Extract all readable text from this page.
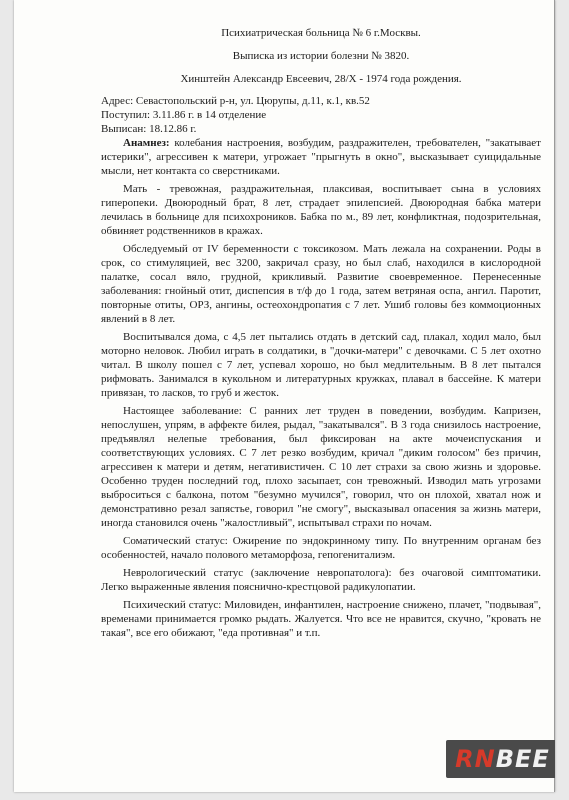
Психиатрическая больница № 6 г.Москвы.
Выписка из истории болезни № 3820.
Хинштейн Александр Евсеевич, 28/Х - 1974 года рождения.
Адрес: Севастопольский р-н, ул. Цюрупы, д.11, к.1, кв.52
Поступил: 3.11.86 г. в 14 отделение
Выписан: 18.12.86 г.

Анамнез: колебания настроения, возбудим, раздражителен, требователен, "закатывает истерики", агрессивен к матери, угрожает "прыгнуть в окно", высказывает суицидальные мысли, нет контакта со сверстниками.

Мать - тревожная, раздражительная, плаксивая, воспитывает сына в условиях гиперопеки. Двоюродный брат, 8 лет, страдает эпилепсией. Двоюродная бабка матери лечилась в больнице для психохроников. Бабка по м., 89 лет, конфликтная, подозрительная, обвиняет родственников в кражах.

Обследуемый от IV беременности с токсикозом. Мать лежала на сохранении. Роды в срок, со стимуляцией, вес 3200, закричал сразу, но был слаб, находился в кислородной палатке, сосал вяло, грудной, крикливый. Развитие своевременное. Перенесенные заболевания: гнойный отит, диспепсия в т/ф до 1 года, затем ветряная оспа, ангил. Паротит, повторные отиты, ОРЗ, ангины, остеохондропатия с 7 лет. Ушиб головы без коммоционных явлений в 8 лет.

Воспитывался дома, с 4,5 лет пытались отдать в детский сад, плакал, ходил мало, был моторно неловок. Любил играть в солдатики, в "дочки-матери" с девочками. С 5 лет охотно читал. В школу пошел с 7 лет, успевал хорошо, но был медлительным. В 8 лет пытался рифмовать. Занимался в кукольном и литературных кружках, плавал в бассейне. К матери привязан, то ласков, то груб и жесток.

Настоящее заболевание: С ранних лет труден в поведении, возбудим. Капризен, непослушен, упрям, в аффекте билея, рыдал, "закатывался". В 3 года снизилось настроение, предъявлял нелепые требования, был фиксирован на акте мочеиспускания и соответствующих условиях. С 7 лет резко возбудим, кричал "диким голосом" без причин, агрессивен к матери и детям, негативистичен. С 10 лет страхи за свою жизнь и здоровье. Особенно труден последний год, плохо засыпает, сон тревожный. Изводил мать угрозами выброситься с балкона, потом "безумно мучился", говорил, что он плохой, хватал нож и демонстративно резал запястье, говорил "не смогу", высказывал опасения за жизнь матери, иногда становился очень "жалостливый", испытывал страхи по ночам.

Соматический статус: Ожирение по эндокринному типу. По внутренним органам без особенностей, начало полового метаморфоза, гепогениталиэм.

Неврологический статус (заключение невропатолога): без очаговой симптоматики. Легко выраженные явления пояснично-крестцовой радикулопатии.

Психический статус: Миловиден, инфантилен, настроение снижено, плачет, "подвывая", временами принимается громко рыдать. Жалуется. Что все не нравится, скучно, "кровать не такая", все его обижают, "еда противная" и т.п.

RN BEE
